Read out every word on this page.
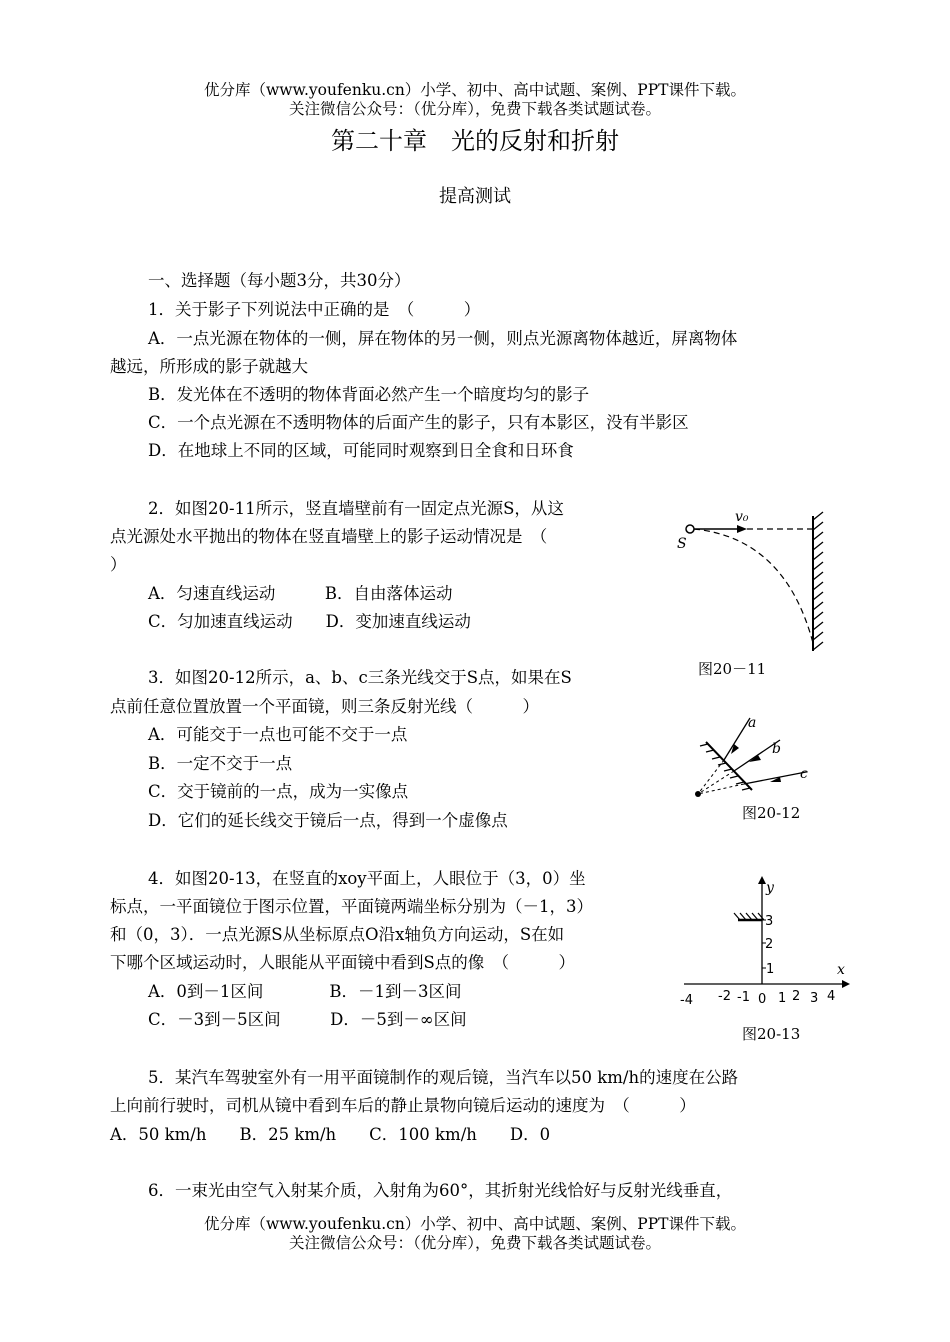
优分库（www.youfenku.cn）小学、初中、高中试题、案例、PPT课件下载。
关注微信公众号：（优分库），免费下载各类试题试卷。
第二十章　光的反射和折射
提高测试
一、选择题（每小题3分，共30分）
1．关于影子下列说法中正确的是　（　　　）
A．一点光源在物体的一侧，屏在物体的另一侧，则点光源离物体越近，屏离物体
越远，所形成的影子就越大
B．发光体在不透明的物体背面必然产生一个暗度均匀的影子
C．一个点光源在不透明物体的后面产生的影子，只有本影区，没有半影区
D．在地球上不同的区域，可能同时观察到日全食和日环食
2．如图20-11所示，竖直墙壁前有一固定点光源S，从这
点光源处水平抛出的物体在竖直墙壁上的影子运动情况是　（
）
A．匀速直线运动　　　B．自由落体运动
C．匀加速直线运动　　D．变加速直线运动
v₀
S
图20－11
3．如图20-12所示，a、b、c三条光线交于S点，如果在S
点前任意位置放置一个平面镜，则三条反射光线（　　　）
A．可能交于一点也可能不交于一点
B．一定不交于一点
C．交于镜前的一点，成为一实像点
D．它们的延长线交于镜后一点，得到一个虚像点
a
b
c
图20-12
4．如图20-13，在竖直的xoy平面上，人眼位于（3，0）坐
标点，一平面镜位于图示位置，平面镜两端坐标分别为（－1，3）
和（0，3）．一点光源S从坐标原点O沿x轴负方向运动，S在如
下哪个区域运动时，人眼能从平面镜中看到S点的像　（　　　）
A．0到－1区间　　　　B．－1到－3区间
C．－3到－5区间　　　D．－5到－∞区间
y
x
3
2
1
-4 -2 -1 0 1 2 3 4
图20-13
5．某汽车驾驶室外有一用平面镜制作的观后镜，当汽车以50 km/h的速度在公路
上向前行驶时，司机从镜中看到车后的静止景物向镜后运动的速度为　（　　　）
A．50 km/h　　B．25 km/h　　C．100 km/h　　D．0
6．一束光由空气入射某介质，入射角为60°，其折射光线恰好与反射光线垂直，
优分库（www.youfenku.cn）小学、初中、高中试题、案例、PPT课件下载。
关注微信公众号：（优分库），免费下载各类试题试卷。
